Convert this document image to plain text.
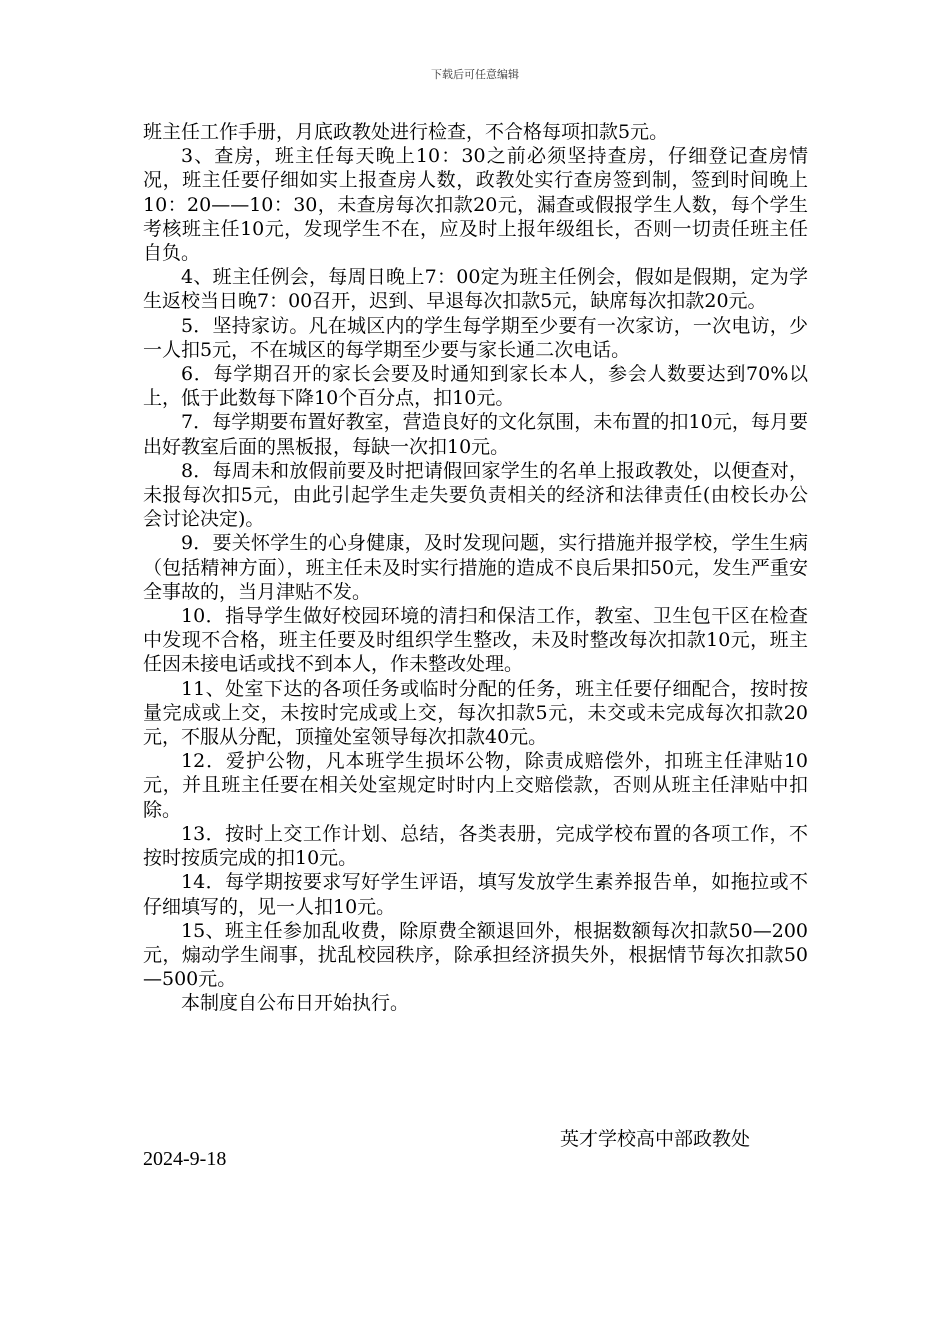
下载后可任意编辑

班主任工作手册，月底政教处进行检查，不合格每项扣款5元。

3、查房，班主任每天晚上10：30之前必须坚持查房，仔细登记查房情况，班主任要仔细如实上报查房人数，政教处实行查房签到制，签到时间晚上10：20——10：30，未查房每次扣款20元，漏查或假报学生人数，每个学生考核班主任10元，发现学生不在，应及时上报年级组长，否则一切责任班主任自负。

4、班主任例会，每周日晚上7：00定为班主任例会，假如是假期，定为学生返校当日晚7：00召开，迟到、早退每次扣款5元，缺席每次扣款20元。

5．坚持家访。凡在城区内的学生每学期至少要有一次家访，一次电访，少一人扣5元，不在城区的每学期至少要与家长通二次电话。

6．每学期召开的家长会要及时通知到家长本人，参会人数要达到70%以上，低于此数每下降10个百分点，扣10元。

7．每学期要布置好教室，营造良好的文化氛围，未布置的扣10元，每月要出好教室后面的黑板报，每缺一次扣10元。

8．每周未和放假前要及时把请假回家学生的名单上报政教处，以便查对，未报每次扣5元，由此引起学生走失要负责相关的经济和法律责任(由校长办公会讨论决定)。

9．要关怀学生的心身健康，及时发现问题，实行措施并报学校，学生生病（包括精神方面），班主任未及时实行措施的造成不良后果扣50元，发生严重安全事故的，当月津贴不发。

10．指导学生做好校园环境的清扫和保洁工作，教室、卫生包干区在检查中发现不合格，班主任要及时组织学生整改，未及时整改每次扣款10元，班主任因未接电话或找不到本人，作未整改处理。

11、处室下达的各项任务或临时分配的任务，班主任要仔细配合，按时按量完成或上交，未按时完成或上交，每次扣款5元，未交或未完成每次扣款20元，不服从分配，顶撞处室领导每次扣款40元。

12．爱护公物，凡本班学生损坏公物，除责成赔偿外，扣班主任津贴10元，并且班主任要在相关处室规定时时内上交赔偿款，否则从班主任津贴中扣除。

13．按时上交工作计划、总结，各类表册，完成学校布置的各项工作，不按时按质完成的扣10元。

14．每学期按要求写好学生评语，填写发放学生素养报告单，如拖拉或不仔细填写的，见一人扣10元。

15、班主任参加乱收费，除原费全额退回外，根据数额每次扣款50—200元，煽动学生闹事，扰乱校园秩序，除承担经济损失外，根据情节每次扣款50—500元。

本制度自公布日开始执行。

英才学校高中部政教处
2024-9-18
